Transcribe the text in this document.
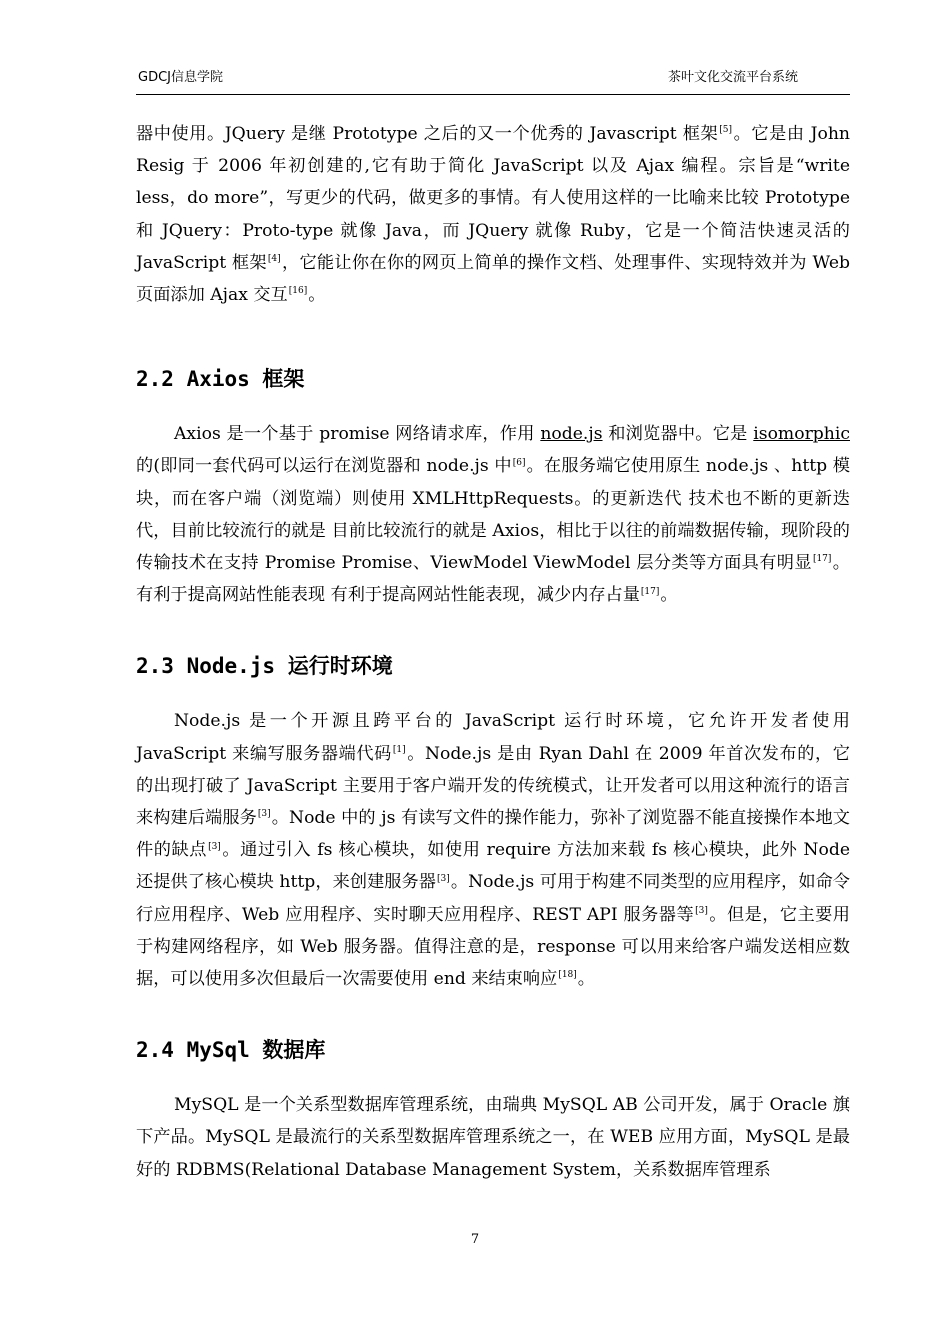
GDCJ信息学院	茶叶文化交流平台系统

器中使用。JQuery 是继 Prototype 之后的又一个优秀的 Javascript 框架[5]。它是由 John Resig 于 2006 年初创建的,它有助于简化 JavaScript 以及 Ajax 编程。宗旨是“write less，do more”，写更少的代码，做更多的事情。有人使用这样的一比喻来比较 Prototype 和 JQuery：Proto-type 就像 Java，而 JQuery 就像 Ruby，它是一个简洁快速灵活的 JavaScript 框架[4]，它能让你在你的网页上简单的操作文档、处理事件、实现特效并为 Web 页面添加 Ajax 交互[16]。

2.2 Axios 框架

Axios 是一个基于 promise 网络请求库，作用 node.js 和浏览器中。它是 isomorphic 的(即同一套代码可以运行在浏览器和 node.js 中[6]。在服务端它使用原生 node.js 、http 模块，而在客户端（浏览端）则使用 XMLHttpRequests。的更新迭代 技术也不断的更新迭代，目前比较流行的就是 目前比较流行的就是 Axios，相比于以往的前端数据传输，现阶段的传输技术在支持 Promise Promise、ViewModel ViewModel 层分类等方面具有明显[17]。有利于提高网站性能表现 有利于提高网站性能表现，减少内存占量[17]。

2.3 Node.js 运行时环境

Node.js 是一个开源且跨平台的 JavaScript 运行时环境，它允许开发者使用 JavaScript 来编写服务器端代码[1]。Node.js 是由 Ryan Dahl 在 2009 年首次发布的，它的出现打破了 JavaScript 主要用于客户端开发的传统模式，让开发者可以用这种流行的语言来构建后端服务[3]。Node 中的 js 有读写文件的操作能力，弥补了浏览器不能直接操作本地文件的缺点[3]。通过引入 fs 核心模块，如使用 require 方法加来载 fs 核心模块，此外 Node 还提供了核心模块 http，来创建服务器[3]。Node.js 可用于构建不同类型的应用程序，如命令行应用程序、Web 应用程序、实时聊天应用程序、REST API 服务器等[3]。但是，它主要用于构建网络程序，如 Web 服务器。值得注意的是，response 可以用来给客户端发送相应数据，可以使用多次但最后一次需要使用 end 来结束响应[18]。

2.4 MySql 数据库

MySQL 是一个关系型数据库管理系统，由瑞典 MySQL AB 公司开发，属于 Oracle 旗下产品。MySQL 是最流行的关系型数据库管理系统之一，在 WEB 应用方面，MySQL 是最好的 RDBMS(Relational Database Management System，关系数据库管理系

7
